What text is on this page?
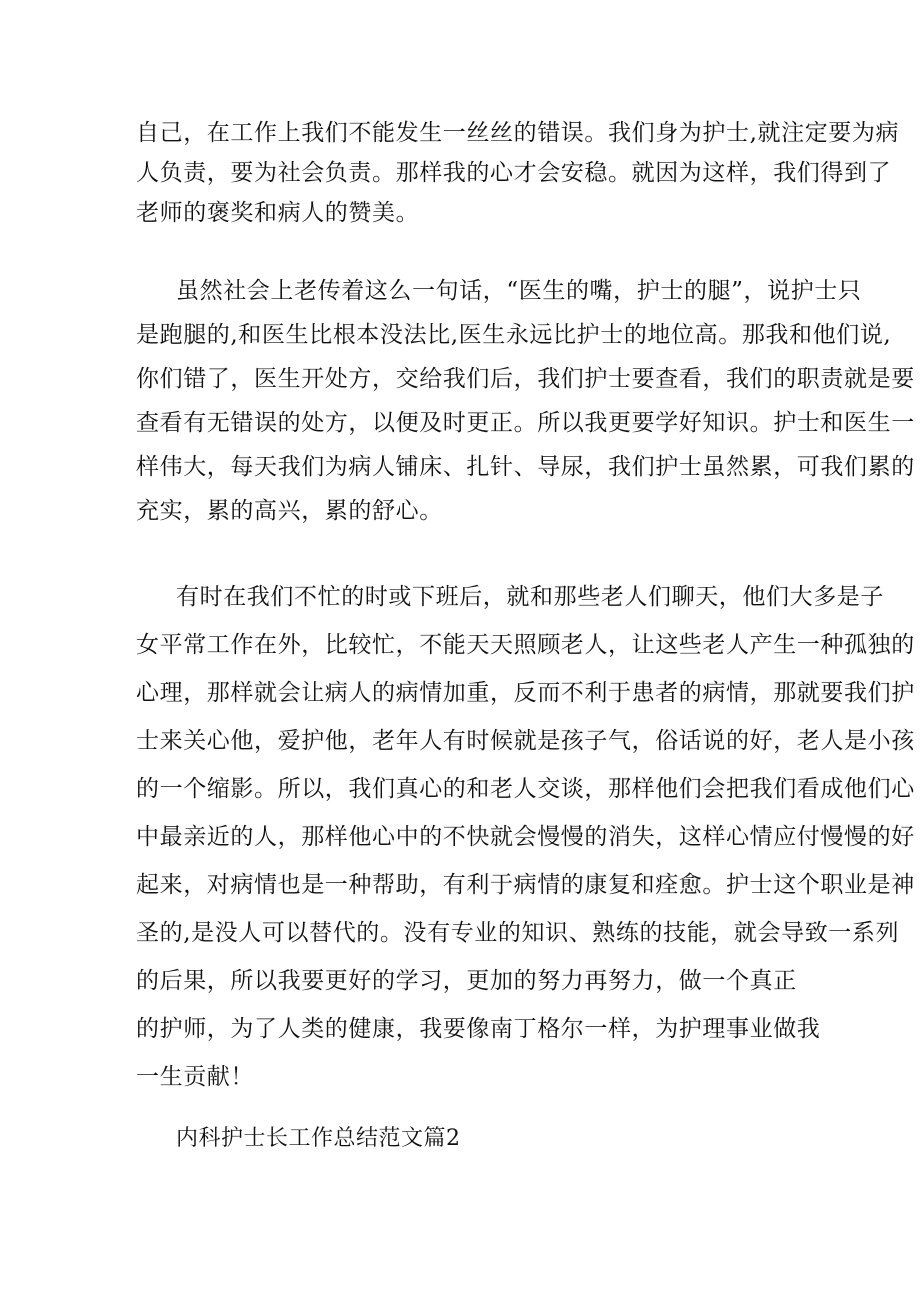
自己，在工作上我们不能发生一丝丝的错误。我们身为护士,就注定要为病

人负责，要为社会负责。那样我的心才会安稳。就因为这样，我们得到了

老师的褒奖和病人的赞美。

虽然社会上老传着这么一句话，“医生的嘴，护士的腿”，说护士只

是跑腿的,和医生比根本没法比,医生永远比护士的地位高。那我和他们说,

你们错了，医生开处方，交给我们后，我们护士要查看，我们的职责就是要

查看有无错误的处方，以便及时更正。所以我更要学好知识。护士和医生一

样伟大，每天我们为病人铺床、扎针、导尿，我们护士虽然累，可我们累的

充实，累的高兴，累的舒心。

有时在我们不忙的时或下班后，就和那些老人们聊天，他们大多是子

女平常工作在外，比较忙，不能天天照顾老人，让这些老人产生一种孤独的

心理，那样就会让病人的病情加重，反而不利于患者的病情，那就要我们护

士来关心他，爱护他，老年人有时候就是孩子气，俗话说的好，老人是小孩

的一个缩影。所以，我们真心的和老人交谈，那样他们会把我们看成他们心

中最亲近的人，那样他心中的不快就会慢慢的消失，这样心情应付慢慢的好

起来，对病情也是一种帮助，有利于病情的康复和痊愈。护士这个职业是神

圣的,是没人可以替代的。没有专业的知识、熟练的技能，就会导致一系列

的后果，所以我要更好的学习，更加的努力再努力，做一个真正

的护师，为了人类的健康，我要像南丁格尔一样，为护理事业做我

一生贡献！

内科护士长工作总结范文篇2
